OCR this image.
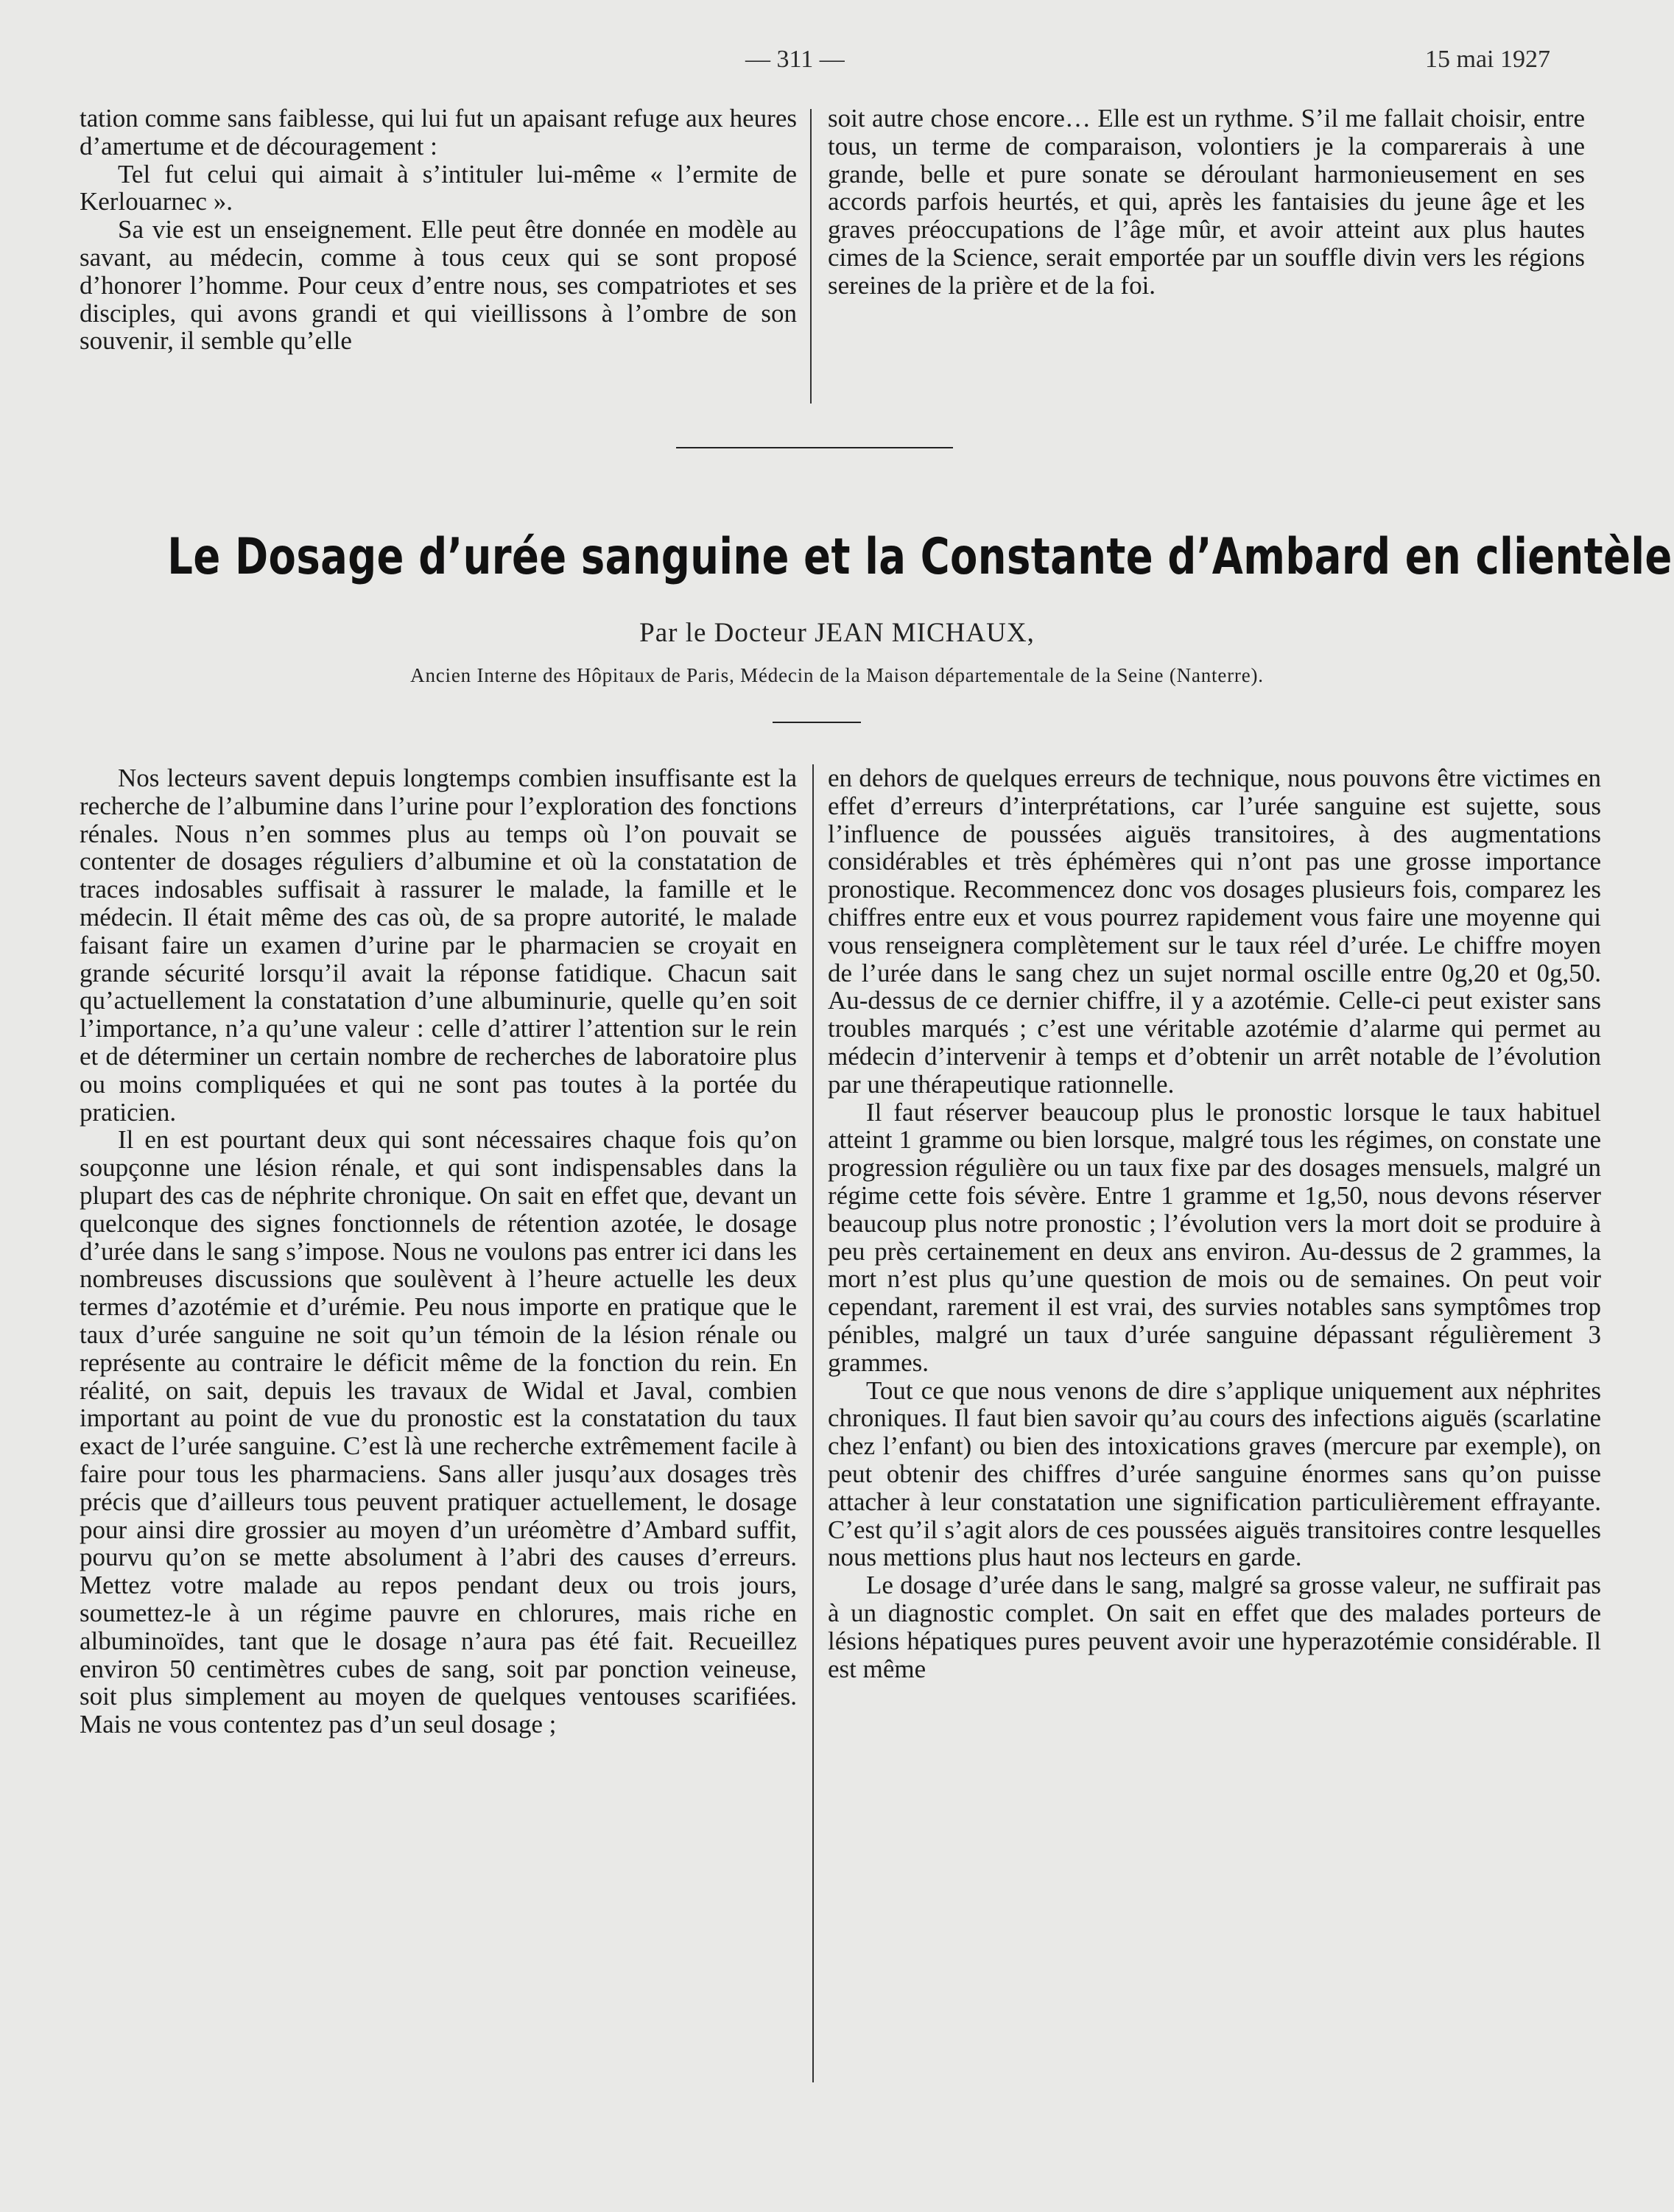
— 311 —	15 mai 1927

tation comme sans faiblesse, qui lui fut un apaisant refuge aux heures d’amertume et de découragement :

Tel fut celui qui aimait à s’intituler lui-même « l’ermite de Kerlouarnec ».

Sa vie est un enseignement. Elle peut être donnée en modèle au savant, au médecin, comme à tous ceux qui se sont proposé d’honorer l’homme. Pour ceux d’entre nous, ses compatriotes et ses disciples, qui avons grandi et qui vieillissons à l’ombre de son souvenir, il semble qu’elle

soit autre chose encore… Elle est un rythme. S’il me fallait choisir, entre tous, un terme de comparaison, volontiers je la comparerais à une grande, belle et pure sonate se déroulant harmonieusement en ses accords parfois heurtés, et qui, après les fantaisies du jeune âge et les graves préoccupations de l’âge mûr, et avoir atteint aux plus hautes cimes de la Science, serait emportée par un souffle divin vers les régions sereines de la prière et de la foi.

Le Dosage d’urée sanguine et la Constante d’Ambard en clientèle
Par le Docteur JEAN MICHAUX,
Ancien Interne des Hôpitaux de Paris, Médecin de la Maison départementale de la Seine (Nanterre).

Nos lecteurs savent depuis longtemps combien insuffisante est la recherche de l’albumine dans l’urine pour l’exploration des fonctions rénales. Nous n’en sommes plus au temps où l’on pouvait se contenter de dosages réguliers d’albumine et où la constatation de traces indosables suffisait à rassurer le malade, la famille et le médecin. Il était même des cas où, de sa propre autorité, le malade faisant faire un examen d’urine par le pharmacien se croyait en grande sécurité lorsqu’il avait la réponse fatidique. Chacun sait qu’actuellement la constatation d’une albuminurie, quelle qu’en soit l’importance, n’a qu’une valeur : celle d’attirer l’attention sur le rein et de déterminer un certain nombre de recherches de laboratoire plus ou moins compliquées et qui ne sont pas toutes à la portée du praticien.

Il en est pourtant deux qui sont nécessaires chaque fois qu’on soupçonne une lésion rénale, et qui sont indispensables dans la plupart des cas de néphrite chronique. On sait en effet que, devant un quelconque des signes fonctionnels de rétention azotée, le dosage d’urée dans le sang s’impose. Nous ne voulons pas entrer ici dans les nombreuses discussions que soulèvent à l’heure actuelle les deux termes d’azotémie et d’urémie. Peu nous importe en pratique que le taux d’urée sanguine ne soit qu’un témoin de la lésion rénale ou représente au contraire le déficit même de la fonction du rein. En réalité, on sait, depuis les travaux de Widal et Javal, combien important au point de vue du pronostic est la constatation du taux exact de l’urée sanguine. C’est là une recherche extrêmement facile à faire pour tous les pharmaciens. Sans aller jusqu’aux dosages très précis que d’ailleurs tous peuvent pratiquer actuellement, le dosage pour ainsi dire grossier au moyen d’un uréomètre d’Ambard suffit, pourvu qu’on se mette absolument à l’abri des causes d’erreurs. Mettez votre malade au repos pendant deux ou trois jours, soumettez-le à un régime pauvre en chlorures, mais riche en albuminoïdes, tant que le dosage n’aura pas été fait. Recueillez environ 50 centimètres cubes de sang, soit par ponction veineuse, soit plus simplement au moyen de quelques ventouses scarifiées. Mais ne vous contentez pas d’un seul dosage ;

en dehors de quelques erreurs de technique, nous pouvons être victimes en effet d’erreurs d’interprétations, car l’urée sanguine est sujette, sous l’influence de poussées aiguës transitoires, à des augmentations considérables et très éphémères qui n’ont pas une grosse importance pronostique. Recommencez donc vos dosages plusieurs fois, comparez les chiffres entre eux et vous pourrez rapidement vous faire une moyenne qui vous renseignera complètement sur le taux réel d’urée. Le chiffre moyen de l’urée dans le sang chez un sujet normal oscille entre 0g,20 et 0g,50. Au-dessus de ce dernier chiffre, il y a azotémie. Celle-ci peut exister sans troubles marqués ; c’est une véritable azotémie d’alarme qui permet au médecin d’intervenir à temps et d’obtenir un arrêt notable de l’évolution par une thérapeutique rationnelle.

Il faut réserver beaucoup plus le pronostic lorsque le taux habituel atteint 1 gramme ou bien lorsque, malgré tous les régimes, on constate une progression régulière ou un taux fixe par des dosages mensuels, malgré un régime cette fois sévère. Entre 1 gramme et 1g,50, nous devons réserver beaucoup plus notre pronostic ; l’évolution vers la mort doit se produire à peu près certainement en deux ans environ. Au-dessus de 2 grammes, la mort n’est plus qu’une question de mois ou de semaines. On peut voir cependant, rarement il est vrai, des survies notables sans symptômes trop pénibles, malgré un taux d’urée sanguine dépassant régulièrement 3 grammes.

Tout ce que nous venons de dire s’applique uniquement aux néphrites chroniques. Il faut bien savoir qu’au cours des infections aiguës (scarlatine chez l’enfant) ou bien des intoxications graves (mercure par exemple), on peut obtenir des chiffres d’urée sanguine énormes sans qu’on puisse attacher à leur constatation une signification particulièrement effrayante. C’est qu’il s’agit alors de ces poussées aiguës transitoires contre lesquelles nous mettions plus haut nos lecteurs en garde.

Le dosage d’urée dans le sang, malgré sa grosse valeur, ne suffirait pas à un diagnostic complet. On sait en effet que des malades porteurs de lésions hépatiques pures peuvent avoir une hyperazotémie considérable. Il est même
